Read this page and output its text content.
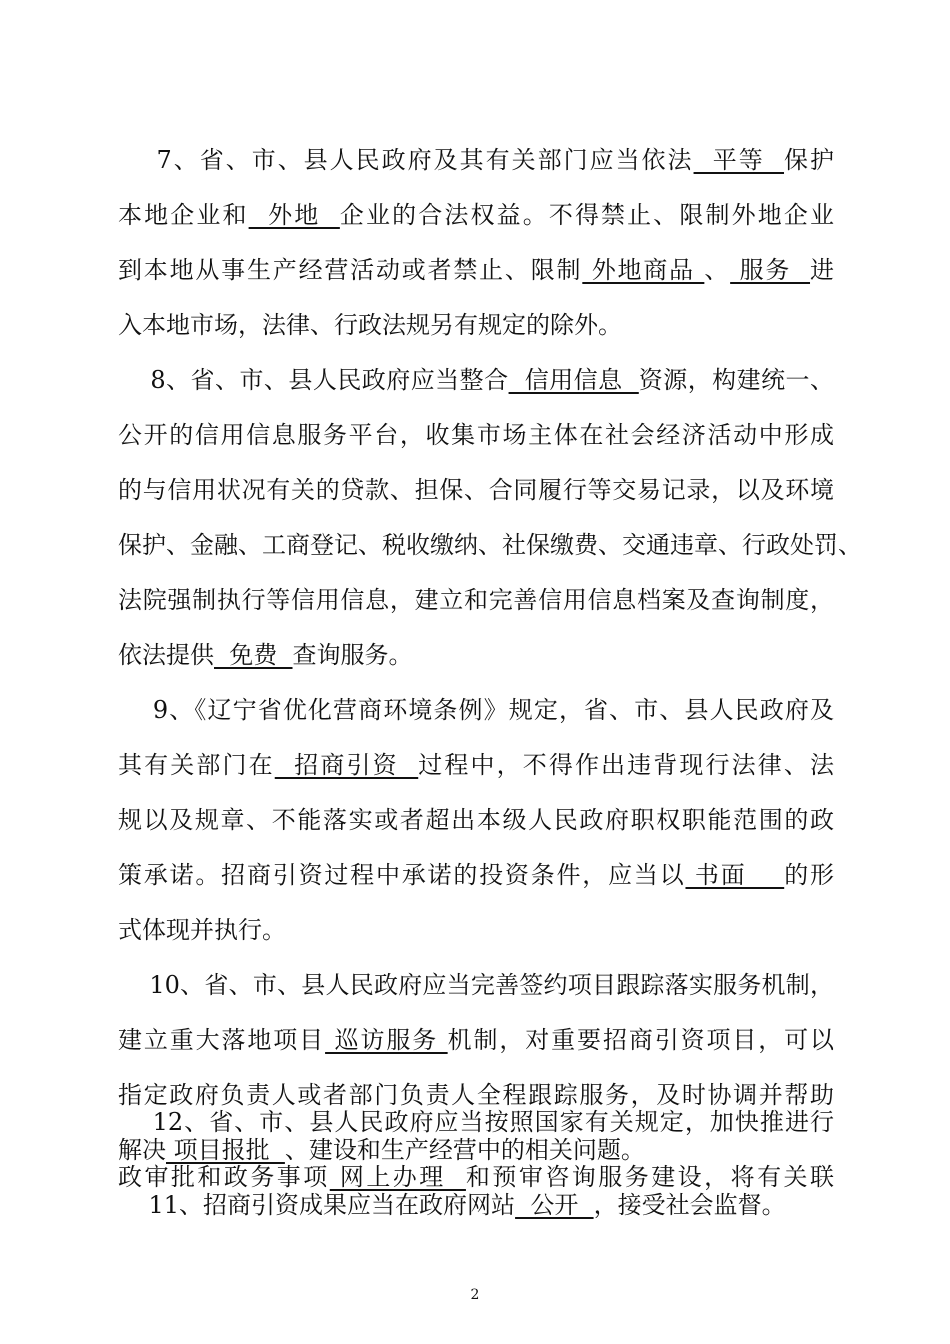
7、省、市、县人民政府及其有关部门应当依法  平等  保护
本地企业和  外地  企业的合法权益。不得禁止、限制外地企业
到本地从事生产经营活动或者禁止、限制 外地商品 、 服务  进
入本地市场，法律、行政法规另有规定的除外。
8、省、市、县人民政府应当整合  信用信息  资源，构建统一、
公开的信用信息服务平台，收集市场主体在社会经济活动中形成
的与信用状况有关的贷款、担保、合同履行等交易记录，以及环境
保护、金融、工商登记、税收缴纳、社保缴费、交通违章、行政处罚、
法院强制执行等信用信息，建立和完善信用信息档案及查询制度，
依法提供  免费  查询服务。
9、《辽宁省优化营商环境条例》规定，省、市、县人民政府及
其有关部门在  招商引资  过程中，不得作出违背现行法律、法
规以及规章、不能落实或者超出本级人民政府职权职能范围的政
策承诺。招商引资过程中承诺的投资条件，应当以 书面    的形
式体现并执行。
10、省、市、县人民政府应当完善签约项目跟踪落实服务机制，
建立重大落地项目 巡访服务 机制，对重要招商引资项目，可以
指定政府负责人或者部门负责人全程跟踪服务，及时协调并帮助
解决 项目报批  、建设和生产经营中的相关问题。
11、招商引资成果应当在政府网站  公开  ，接受社会监督。
12、省、市、县人民政府应当按照国家有关规定，加快推进行
政审批和政务事项 网上办理  和预审咨询服务建设，将有关联
2
